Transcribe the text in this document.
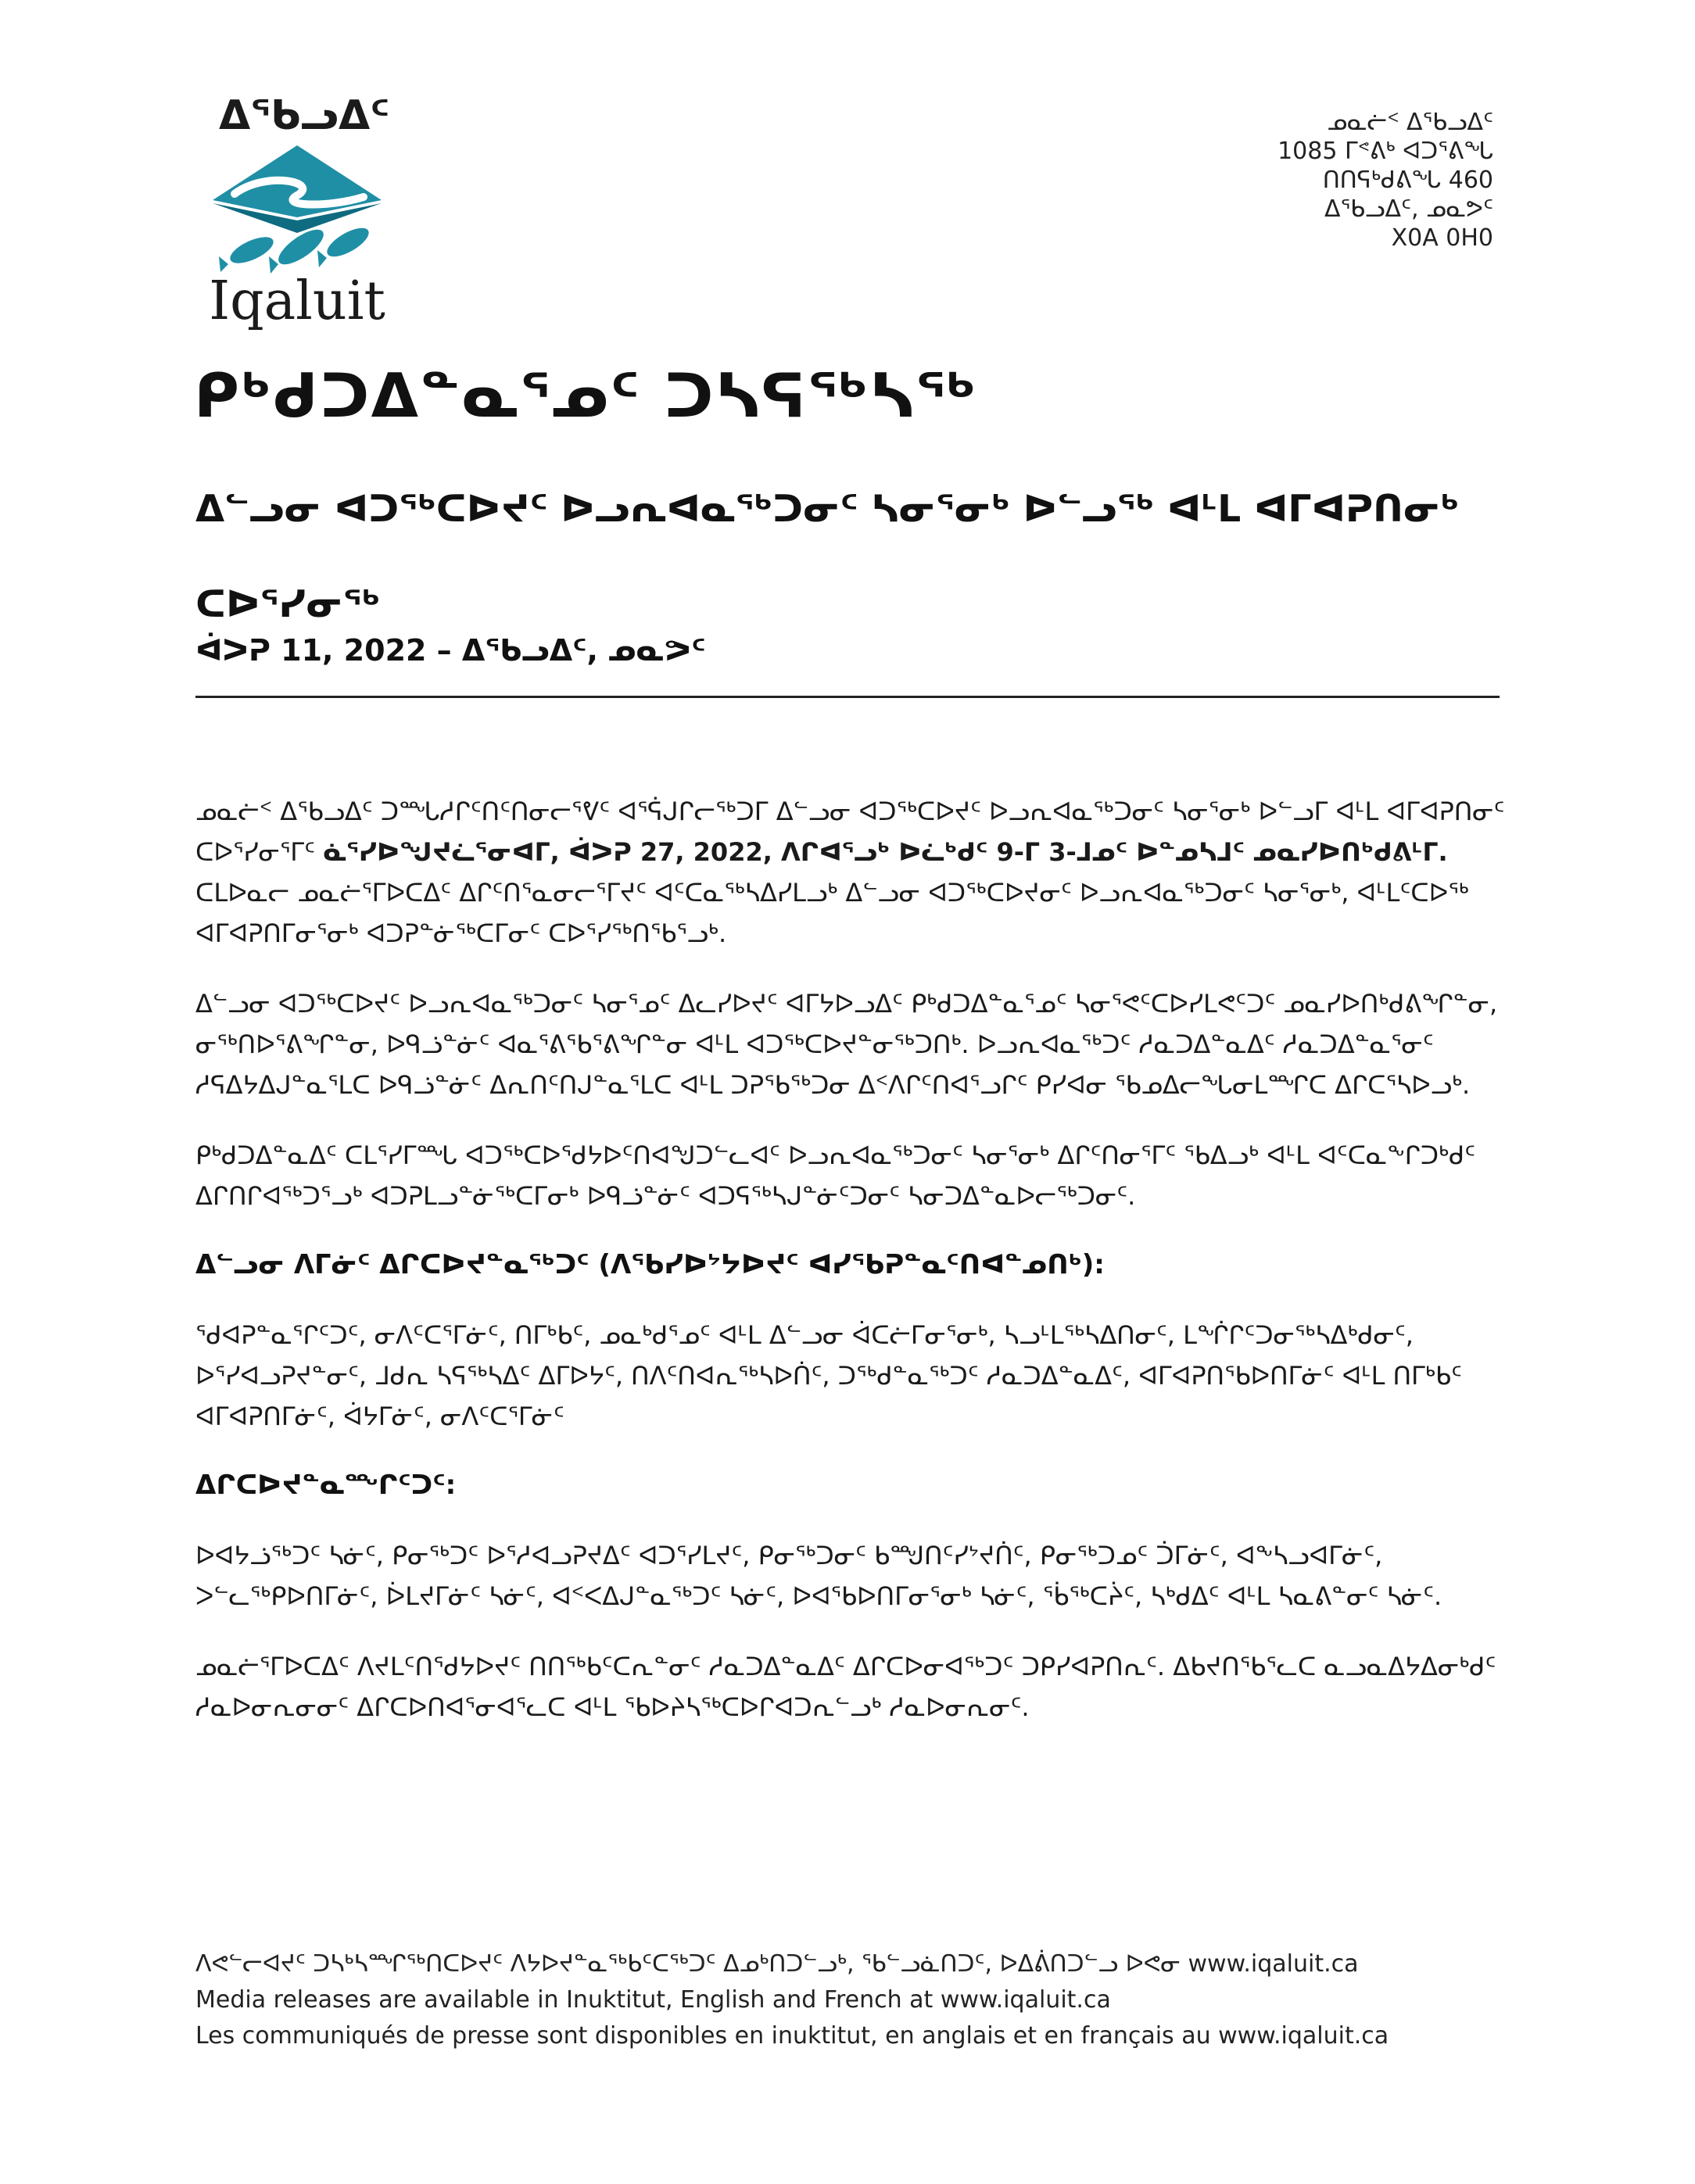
ᐃᖃᓗᐃᑦ
Iqaluit
ᓄᓇᓖᑉ ᐃᖃᓗᐃᑦ
1085 ᒥᕝᕕᒃ ᐊᑐᕐᕕᖓ
ᑎᑎᕋᒃᑯᕕᖓ 460
ᐃᖃᓗᐃᑦ, ᓄᓇᕗᑦ
X0A 0H0
ᑭᒃᑯᑐᐃᓐᓇᕐᓄᑦ ᑐᓴᕋᖅᓴᖅ
ᐃᓪᓗᓂ ᐊᑐᖅᑕᐅᔪᑦ ᐅᓗᕆᐊᓇᖅᑐᓂᑦ ᓴᓂᕐᓂᒃ ᐅᓪᓗᖅ ᐊᒻᒪ ᐊᒥᐊᕈᑎᓂᒃ ᑕᐅᕐᓯᓂᖅ
ᐋᐳᕈ 11, 2022 – ᐃᖃᓗᐃᑦ, ᓄᓇᕗᑦ

ᓄᓇᓖᑉ ᐃᖃᓗᐃᑦ ᑐᙵᓱᒋᑦᑎᑦᑎᓂᓕᕐᕓᑦ ᐊᕐᕌᒍᒋᓕᖅᑐᒥ ᐃᓪᓗᓂ ᐊᑐᖅᑕᐅᔪᑦ ᐅᓗᕆᐊᓇᖅᑐᓂᑦ ᓴᓂᕐᓂᒃ ᐅᓪᓗᒥ ᐊᒻᒪ ᐊᒥᐊᕈᑎᓂᑦ ᑕᐅᕐᓯᓂᕐᒥᑦ ᓈᕐᓯᐅᖑᔪᓛᕐᓂᐊᒥ, ᐋᐳᕈ 27, 2022, ᐱᒋᐊᕐᓗᒃ ᐅᓛᒃᑯᑦ 9-ᒥ 3-ᒧᓄᑦ ᐅᓐᓄᓴᒧᑦ ᓄᓇᓯᐅᑎᒃᑯᕕᒻᒥ. ᑕᒪᐅᓇᓕ ᓄᓇᓖᕐᒥᐅᑕᐃᑦ ᐃᒋᑦᑎᕐᓇᓂᓕᕐᒥᔪᑦ ᐊᑦᑕᓇᖅᓴᐃᓯᒪᓗᒃ ᐃᓪᓗᓂ ᐊᑐᖅᑕᐅᔪᓂᑦ ᐅᓗᕆᐊᓇᖅᑐᓂᑦ ᓴᓂᕐᓂᒃ, ᐊᒻᒪᑦᑕᐅᖅ ᐊᒥᐊᕈᑎᒥᓂᕐᓂᒃ ᐊᑐᕈᓐᓃᖅᑕᒥᓂᑦ ᑕᐅᕐᓯᖅᑎᖃᕐᓗᒃ.

ᐃᓪᓗᓂ ᐊᑐᖅᑕᐅᔪᑦ ᐅᓗᕆᐊᓇᖅᑐᓂᑦ ᓴᓂᕐᓄᑦ ᐃᓚᓯᐅᔪᑦ ᐊᒥᔭᐅᓗᐃᑦ ᑭᒃᑯᑐᐃᓐᓇᕐᓄᑦ ᓴᓂᕐᕙᑦᑕᐅᓯᒪᕙᑦᑐᑦ ᓄᓇᓯᐅᑎᒃᑯᕕᖏᓐᓂ, ᓂᖅᑎᐅᕐᕕᖏᓐᓂ, ᐅᑫᓘᓐᓃᑦ ᐊᓇᕐᕕᖃᕐᕕᖏᓐᓂ ᐊᒻᒪ ᐊᑐᖅᑕᐅᔪᓐᓂᖅᑐᑎᒃ. ᐅᓗᕆᐊᓇᖅᑐᑦ ᓱᓇᑐᐃᓐᓇᐃᑦ ᓱᓇᑐᐃᓐᓇᕐᓂᑦ ᓱᕋᐃᔭᐃᒍᓐᓇᕐᒪᑕ ᐅᑫᓘᓐᓃᑦ ᐃᕆᑎᑦᑎᒍᓐᓇᕐᒪᑕ ᐊᒻᒪ ᑐᕈᖃᖅᑐᓂ ᐃᑉᐱᒋᑦᑎᐊᕐᓗᒋᑦ ᑭᓯᐊᓂ ᖃᓄᐃᓕᖓᓂᒪᙱᑕ ᐃᒋᑕᕐᓴᐅᓗᒃ.

ᑭᒃᑯᑐᐃᓐᓇᐃᑦ ᑕᒪᕐᓯᒥᙵ ᐊᑐᖅᑕᐅᖁᔭᐅᑦᑎᐊᖑᑐᓪᓚᐊᑦ ᐅᓗᕆᐊᓇᖅᑐᓂᑦ ᓴᓂᕐᓂᒃ ᐃᒋᑦᑎᓂᕐᒥᑦ ᖃᐃᓗᒃ ᐊᒻᒪ ᐊᑦᑕᓇᖕᒋᑐᒃᑯᑦ ᐃᒋᑎᒋᐊᖅᑐᕐᓗᒃ ᐊᑐᕈᒪᓗᓐᓃᖅᑕᒥᓂᒃ ᐅᑫᓘᓐᓃᑦ ᐊᑐᕋᖅᓴᒍᓐᓃᑦᑐᓂᑦ ᓴᓂᑐᐃᓐᓇᐅᓕᖅᑐᓂᑦ.

ᐃᓪᓗᓂ ᐱᒥᓃᑦ ᐃᒋᑕᐅᔪᓐᓇᖅᑐᑦ (ᐱᖃᓯᐅᔾᔭᐅᔪᑦ ᐊᓯᖃᕈᓐᓇᑦᑎᐊᓐᓄᑎᒃ):

ᖁᐊᕈᓐᓇᕐᒋᑦᑐᑦ, ᓂᐱᑦᑕᕐᒥᓃᑦ, ᑎᒥᒃᑲᑦ, ᓄᓇᒃᑯᕐᓄᑦ ᐊᒻᒪ ᐃᓪᓗᓂ ᐋᑕᓖᒥᓂᕐᓂᒃ, ᓴᓗᒻᒪᖅᓴᐃᑎᓂᑦ, ᒪᖐᒋᑦᑐᓂᖅᓴᐃᒃᑯᓂᑦ, ᐅᕐᓯᐊᓗᕈᔪᓐᓂᑦ, ᒧᑯᕆ ᓴᕋᖅᓴᐃᑦ ᐃᒥᐅᔭᑦ, ᑎᐱᑦᑎᐊᕆᖅᓴᐅᑏᑦ, ᑐᖅᑯᓐᓇᖅᑐᑦ ᓱᓇᑐᐃᓐᓇᐃᑦ, ᐊᒥᐊᕈᑎᖃᐅᑎᒥᓃᑦ ᐊᒻᒪ ᑎᒥᒃᑲᑦ ᐊᒥᐊᕈᑎᒥᓃᑦ, ᐋᔭᒥᓃᑦ, ᓂᐱᑦᑕᕐᒥᓃᑦ

ᐃᒋᑕᐅᔪᓐᓇᙱᑦᑐᑦ:

ᐅᐊᔭᓘᖅᑐᑦ ᓴᓃᑦ, ᑭᓂᖅᑐᑦ ᐅᕐᓱᐊᓗᕈᔪᐃᑦ ᐊᑐᕐᓯᒪᔪᑦ, ᑭᓂᖅᑐᓂᑦ ᑲᙳᑎᑦᓯᔾᔪᑏᑦ, ᑭᓂᖅᑐᓄᑦ ᑑᒥᓃᑦ, ᐊᖕᓴᓗᐊᒥᓃᑦ, ᐳᓪᓚᖅᑭᐅᑎᒥᓃᑦ, ᐆᒪᔪᒥᓃᑦ ᓴᓃᑦ, ᐊᑉᐸᐃᒍᓐᓇᖅᑐᑦ ᓴᓃᑦ, ᐅᐊᖃᐅᑎᒥᓂᕐᓂᒃ ᓴᓃᑦ, ᖄᖅᑕᔩᑦ, ᓴᒃᑯᐃᑦ ᐊᒻᒪ ᓴᓇᕕᓐᓂᑦ ᓴᓃᑦ.

ᓄᓇᓖᕐᒥᐅᑕᐃᑦ ᐱᔪᒪᑦᑎᖁᔭᐅᔪᑦ ᑎᑎᖅᑲᑦᑕᕆᓐᓂᑦ ᓱᓇᑐᐃᓐᓇᐃᑦ ᐃᒋᑕᐅᓂᐊᖅᑐᑦ ᑐᑭᓯᐊᕈᑎᕆᑦ. ᐃᑲᔪᑎᖃᕐᓚᑕ ᓇᓗᓇᐃᔭᐃᓂᒃᑯᑦ ᓱᓇᐅᓂᕆᓂᓂᑦ ᐃᒋᑕᐅᑎᐊᕐᓂᐊᕐᓚᑕ ᐊᒻᒪ ᖃᐅᔨᓴᖅᑕᐅᒋᐊᑐᕆᓪᓗᒃ ᓱᓇᐅᓂᕆᓂᑦ.

ᐱᕙᓪᓕᐊᔪᑦ ᑐᓴᒃᓴᙱᖅᑎᑕᐅᔪᑦ ᐱᔭᐅᔪᓐᓇᖅᑲᑦᑕᖅᑐᑦ ᐃᓄᒃᑎᑐᓪᓗᒃ, ᖃᓪᓗᓈᑎᑐᑦ, ᐅᐃᕖᑎᑐᓪᓗ ᐅᕙᓂ www.iqaluit.ca
Media releases are available in Inuktitut, English and French at www.iqaluit.ca
Les communiqués de presse sont disponibles en inuktitut, en anglais et en français au www.iqaluit.ca
